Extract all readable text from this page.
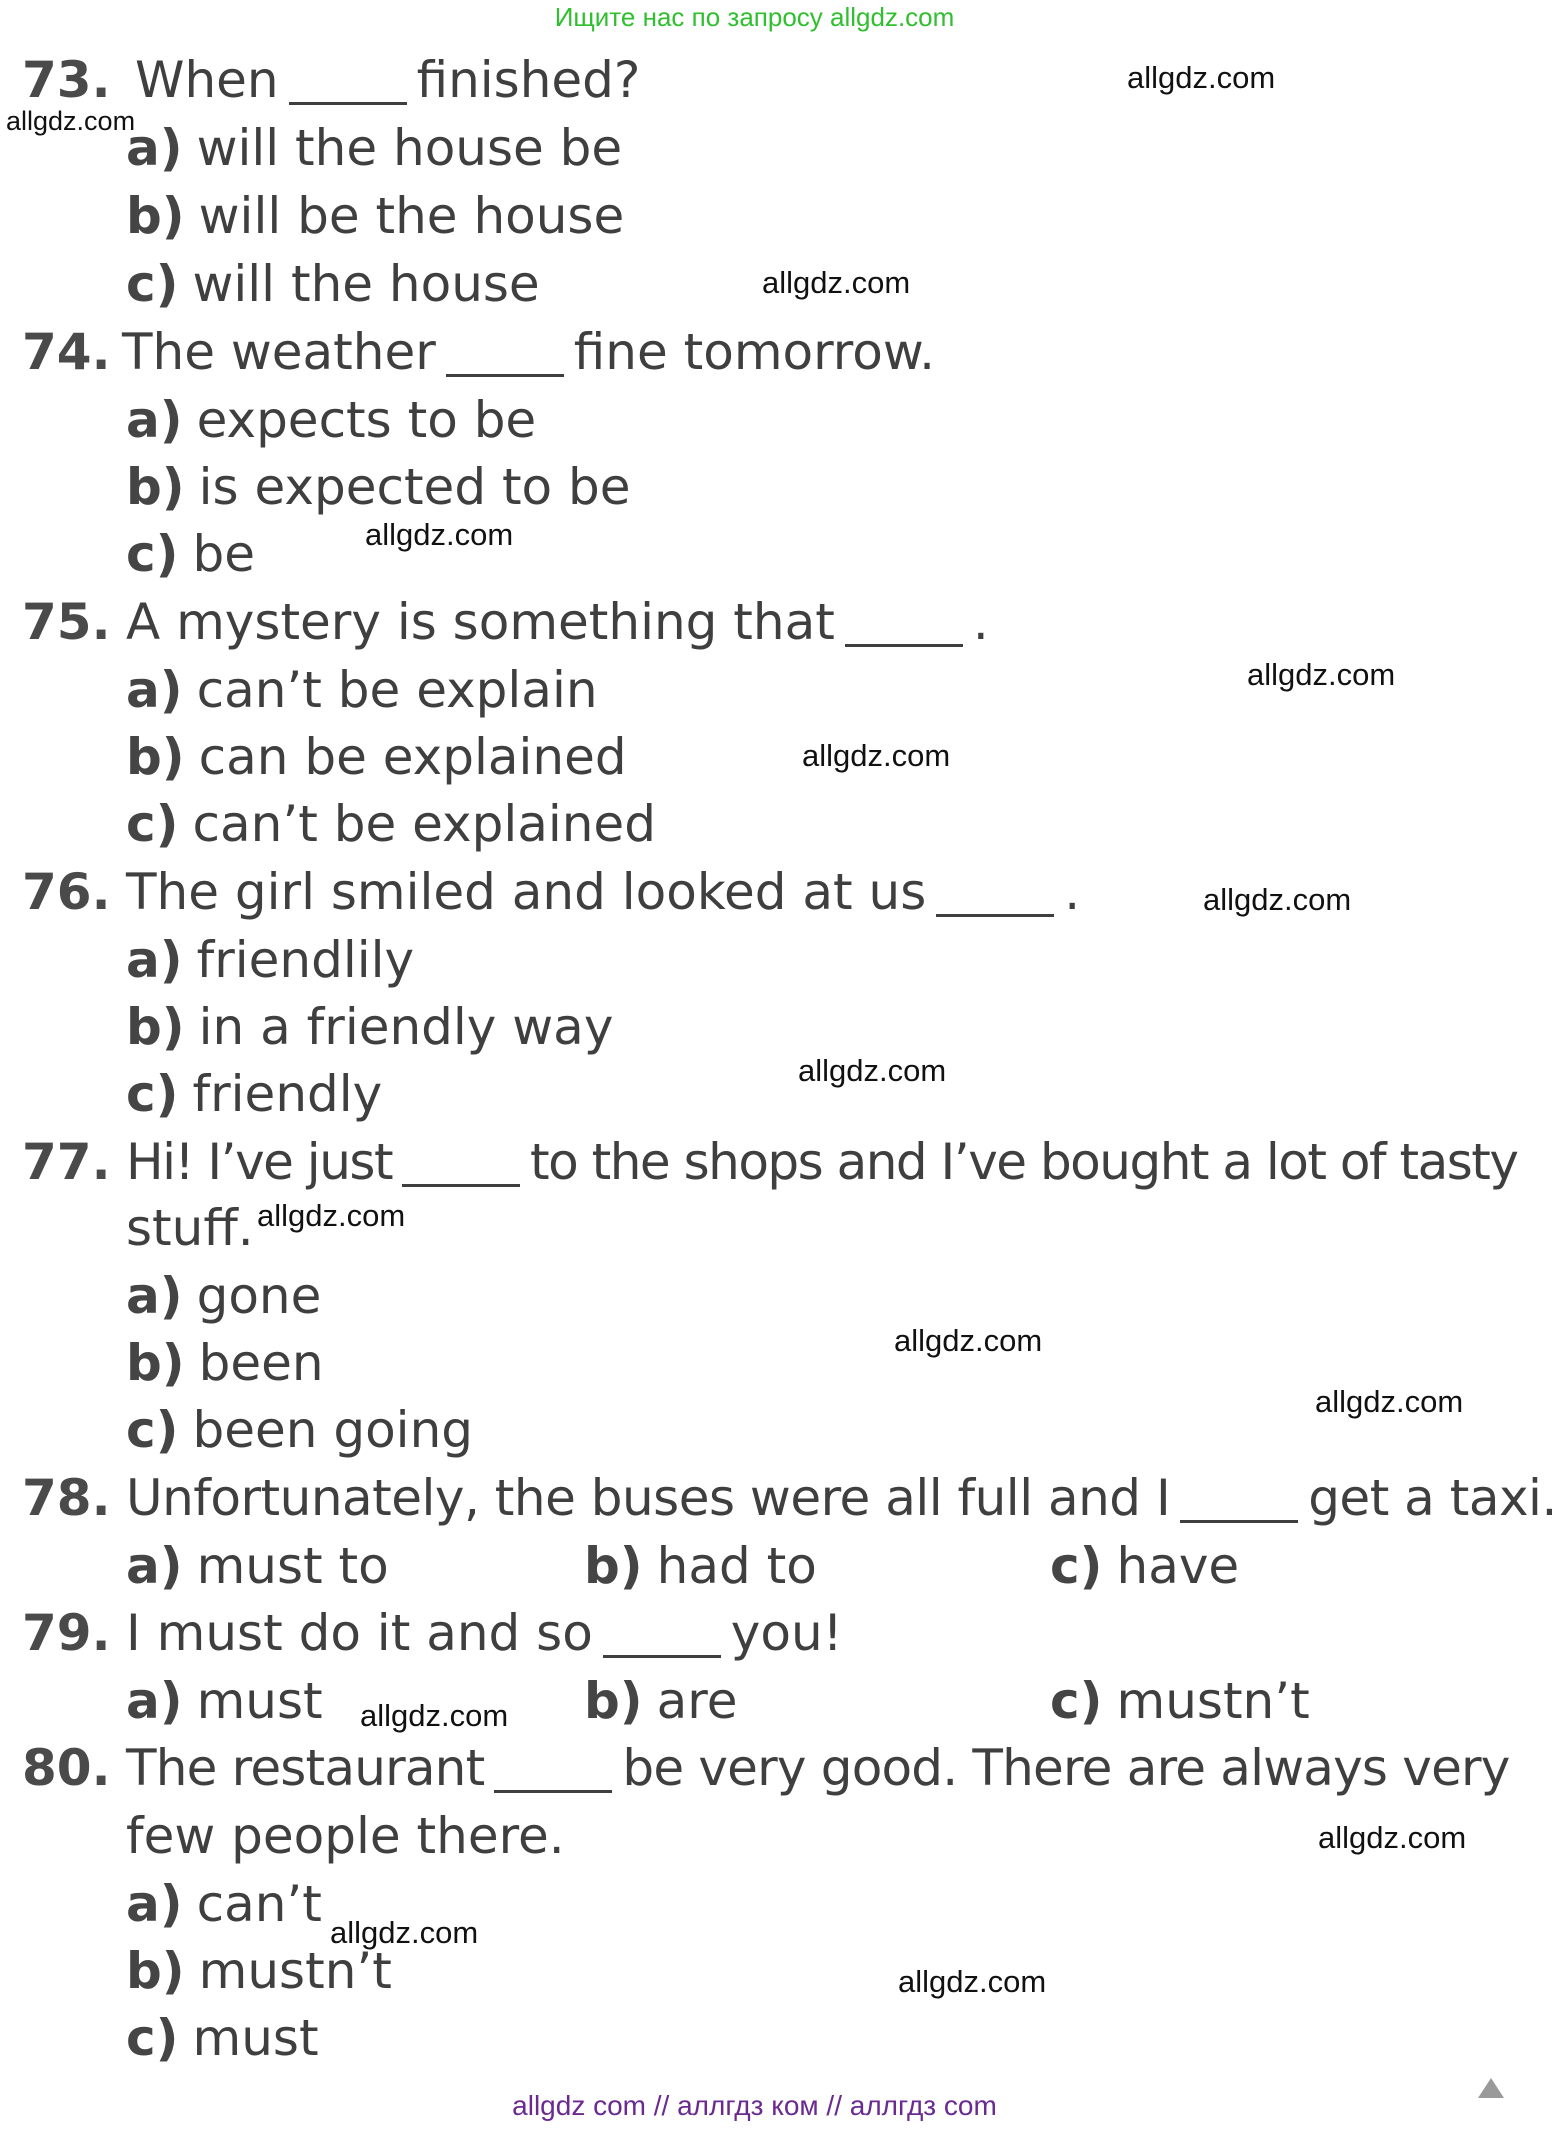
Ищите нас по запросу allgdz.com
73. When	finished?
a) will the house be
b) will be the house
c) will the house
74. The weather	fine tomorrow.
a) expects to be
b) is expected to be
c) be
75. A mystery is something that	.
a) can’t be explain
b) can be explained
c) can’t be explained
76. The girl smiled and looked at us	.
a) friendlily
b) in a friendly way
c) friendly
77. Hi! I’ve just	to the shops and I’ve bought a lot of tasty
stuff.
a) gone
b) been
c) been going
78. Unfortunately, the buses were all full and I	get a taxi.
a) must to	b) had to	c) have
79. I must do it and so	you!
a) must	b) are	c) mustn’t
80. The restaurant	be very good. There are always very
few people there.
a) can’t
b) mustn’t
c) must
allgdz.com
allgdz.com
allgdz.com
allgdz.com
allgdz.com
allgdz.com
allgdz.com
allgdz.com
allgdz.com
allgdz.com
allgdz.com
allgdz.com
allgdz.com
allgdz.com
allgdz.com
allgdz com // аллгдз ком // аллгдз com
